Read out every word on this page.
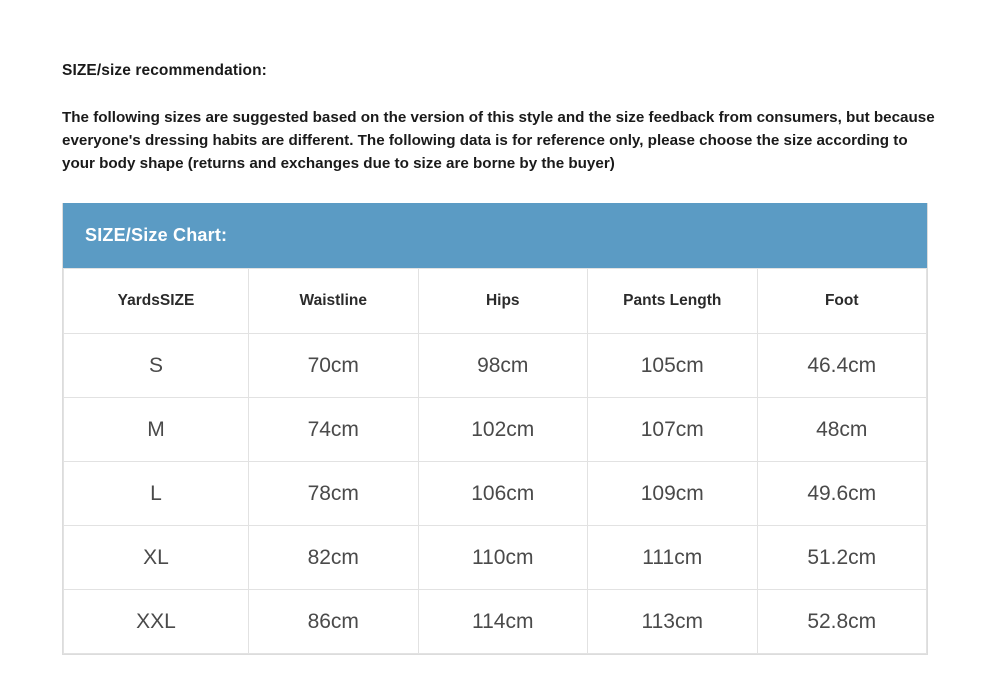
SIZE/size recommendation:

The following sizes are suggested based on the version of this style and the size feedback from consumers, but because everyone's dressing habits are different. The following data is for reference only, please choose the size according to your body shape (returns and exchanges due to size are borne by the buyer)

SIZE/Size Chart:
YardsSIZE	Waistline	Hips	Pants Length	Foot
S	70cm	98cm	105cm	46.4cm
M	74cm	102cm	107cm	48cm
L	78cm	106cm	109cm	49.6cm
XL	82cm	110cm	111cm	51.2cm
XXL	86cm	114cm	113cm	52.8cm
